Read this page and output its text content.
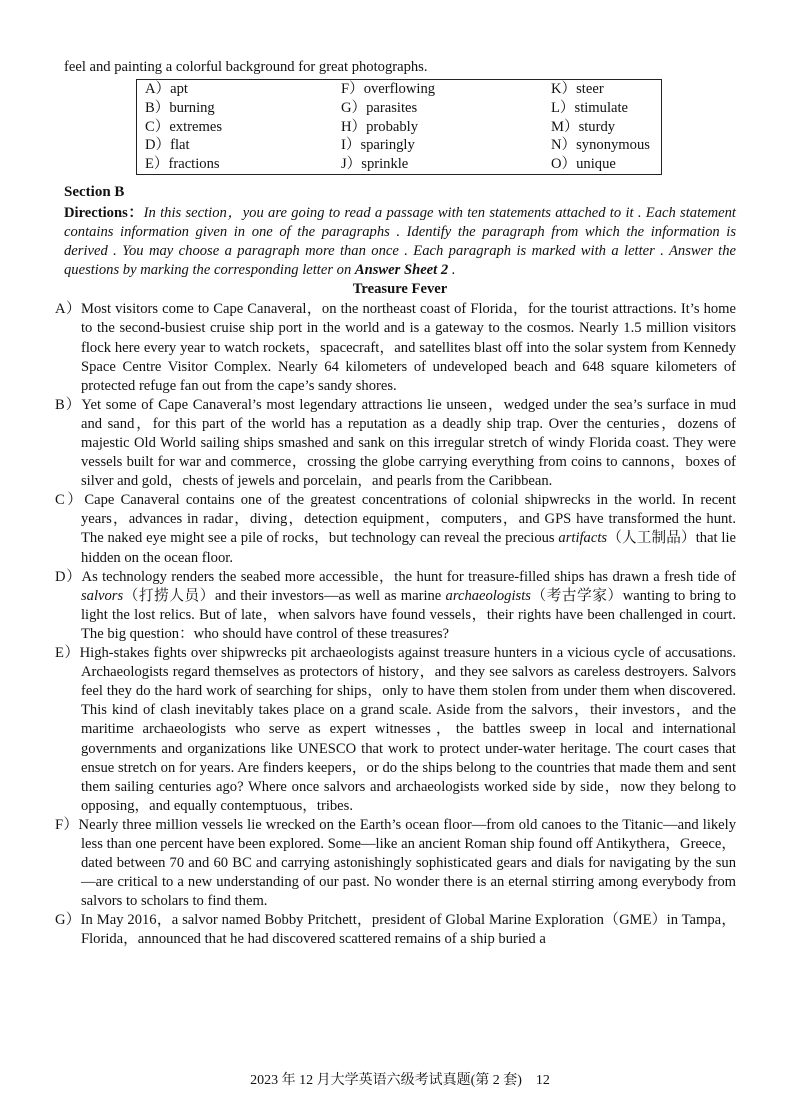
feel and painting a colorful background for great photographs.

A）apt	F）overflowing	K）steer
B）burning	G）parasites	L）stimulate
C）extremes	H）probably	M）sturdy
D）flat	I）sparingly	N）synonymous
E）fractions	J）sprinkle	O）unique
Section B

Directions：In this section，you are going to read a passage with ten statements attached to it . Each statement contains information given in one of the paragraphs . Identify the paragraph from which the information is derived . You may choose a paragraph more than once . Each paragraph is marked with a letter . Answer the questions by marking the corresponding letter on Answer Sheet 2 .

Treasure Fever
A）Most visitors come to Cape Canaveral，on the northeast coast of Florida，for the tourist attractions. It’s home to the second-busiest cruise ship port in the world and is a gateway to the cosmos. Nearly 1.5 million visitors flock here every year to watch rockets，spacecraft，and satellites blast off into the solar system from Kennedy Space Centre Visitor Complex. Nearly 64 kilometers of undeveloped beach and 648 square kilometers of protected refuge fan out from the cape’s sandy shores.
B）Yet some of Cape Canaveral’s most legendary attractions lie unseen，wedged under the sea’s surface in mud and sand，for this part of the world has a reputation as a deadly ship trap. Over the centuries，dozens of majestic Old World sailing ships smashed and sank on this irregular stretch of windy Florida coast. They were vessels built for war and commerce，crossing the globe carrying everything from coins to cannons，boxes of silver and gold，chests of jewels and porcelain，and pearls from the Caribbean.
C）Cape Canaveral contains one of the greatest concentrations of colonial shipwrecks in the world. In recent years，advances in radar，diving，detection equipment，computers，and GPS have transformed the hunt. The naked eye might see a pile of rocks，but technology can reveal the precious artifacts（人工制品）that lie hidden on the ocean floor.
D）As technology renders the seabed more accessible，the hunt for treasure-filled ships has drawn a fresh tide of salvors（打捞人员）and their investors—as well as marine archaeologists（考古学家）wanting to bring to light the lost relics. But of late，when salvors have found vessels，their rights have been challenged in court. The big question：who should have control of these treasures?
E）High-stakes fights over shipwrecks pit archaeologists against treasure hunters in a vicious cycle of accusations. Archaeologists regard themselves as protectors of history，and they see salvors as careless destroyers. Salvors feel they do the hard work of searching for ships，only to have them stolen from under them when discovered. This kind of clash inevitably takes place on a grand scale. Aside from the salvors，their investors，and the maritime archaeologists who serve as expert witnesses，the battles sweep in local and international governments and organizations like UNESCO that work to protect under-water heritage. The court cases that ensue stretch on for years. Are finders keepers，or do the ships belong to the countries that made them and sent them sailing centuries ago? Where once salvors and archaeologists worked side by side，now they belong to opposing，and equally contemptuous，tribes.
F）Nearly three million vessels lie wrecked on the Earth’s ocean floor—from old canoes to the Titanic—and likely less than one percent have been explored. Some—like an ancient Roman ship found off Antikythera，Greece，dated between 70 and 60 BC and carrying astonishingly sophisticated gears and dials for navigating by the sun—are critical to a new understanding of our past. No wonder there is an eternal stirring among everybody from salvors to scholars to find them.
G）In May 2016，a salvor named Bobby Pritchett，president of Global Marine Exploration（GME）in Tampa，Florida，announced that he had discovered scattered remains of a ship buried a
2023 年 12 月大学英语六级考试真题(第 2 套)　12
